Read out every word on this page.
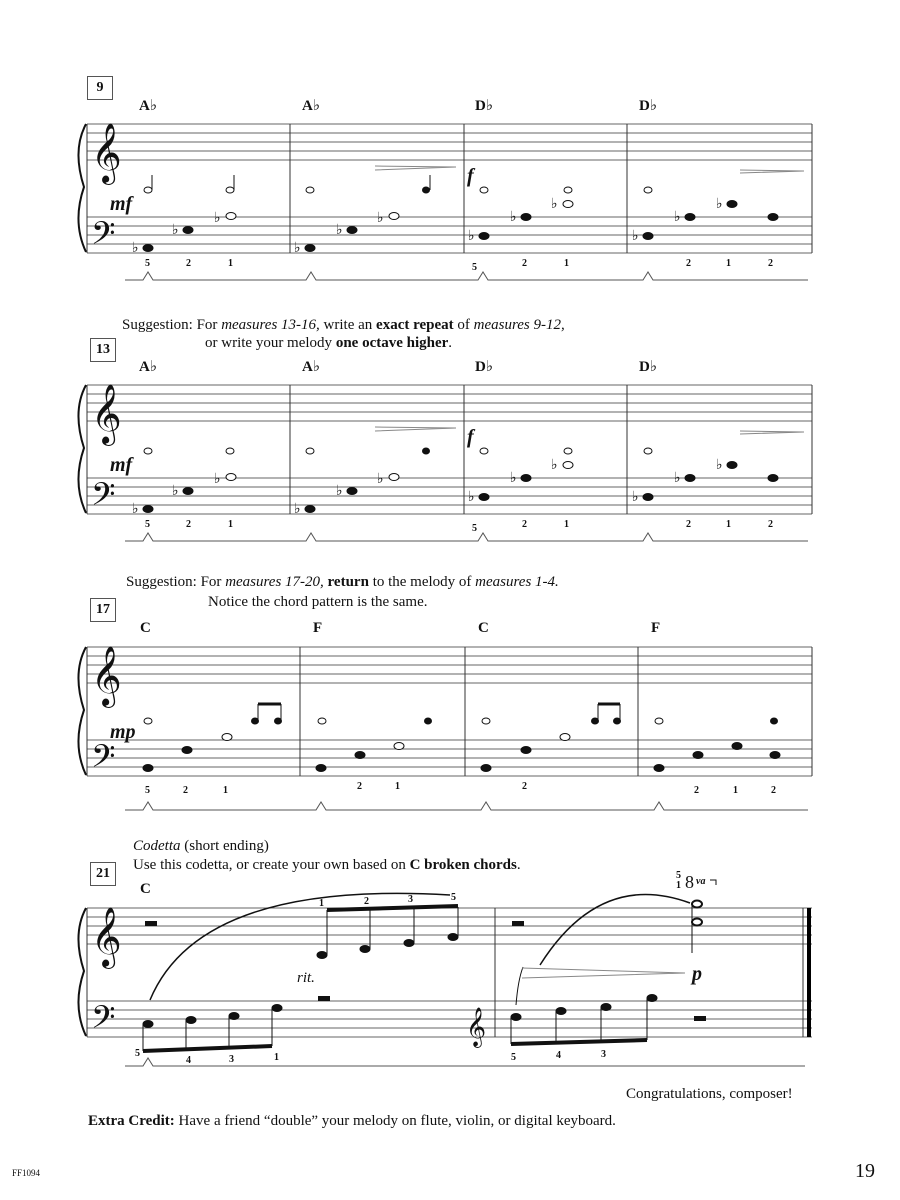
9
A♭	A♭	D♭	D♭
𝄞
𝄢 ♭
♭
♭
♭
♭
♭
♭
♭
♭
♭
♭
♭
mf
f
5	2	1	5	2	1	2	1	2
Suggestion: For measures 13-16, write an exact repeat of measures 9-12,
or write your melody one octave higher.
13
A♭	A♭	D♭	D♭
𝄞
𝄢 ♭
♭
♭
♭
♭
♭
♭
♭
♭
♭
♭
♭
mf
f
5	2	1	5	2	1	2	1	2
Suggestion: For measures 17-20, return to the melody of measures 1-4.
Notice the chord pattern is the same.
17
C	F	C	F
𝄞
𝄢
mp
5	2	1	2	1	2	2	1	2
Codetta (short ending)
Use this codetta, or create your own based on C broken chords.
21
C
𝄞
𝄢	𝄞
p
rit.
8 va
5
1
1	2	3	5
5
4	3	1	5	4	3
Congratulations, composer!
Extra Credit: Have a friend “double” your melody on flute, violin, or digital keyboard.
FF1094	19
